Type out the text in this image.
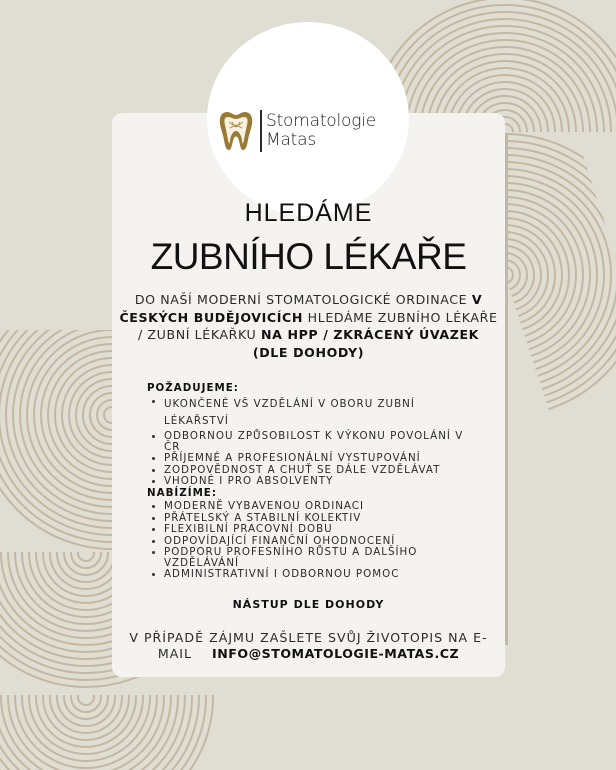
Stomatologie
Matas
HLEDÁME
ZUBNÍHO LÉKAŘE
DO NAŠÍ MODERNÍ STOMATOLOGICKÉ ORDINACE V ČESKÝCH BUDĚJOVICÍCH HLEDÁME ZUBNÍHO LÉKAŘE / ZUBNÍ LÉKAŘKU NA HPP / ZKRÁCENÝ ÚVAZEK (DLE DOHODY)
POŽADUJEME:
UKONČENÉ VŠ VZDĚLÁNÍ V OBORU ZUBNÍ LÉKAŘSTVÍ
ODBORNOU ZPŮSOBILOST K VÝKONU POVOLÁNÍ V ČR
PŘÍJEMNÉ A PROFESIONÁLNÍ VYSTUPOVÁNÍ
ZODPOVĚDNOST A CHUŤ SE DÁLE VZDĚLÁVAT
VHODNÉ I PRO ABSOLVENTY
NABÍZÍME:
MODERNĚ VYBAVENOU ORDINACI
PŘÁTELSKÝ A STABILNÍ KOLEKTIV
FLEXIBILNÍ PRACOVNÍ DOBU
ODPOVÍDAJÍCÍ FINANČNÍ OHODNOCENÍ
PODPORU PROFESNÍHO RŮSTU A DALŠÍHO VZDĚLÁVÁNÍ
ADMINISTRATIVNÍ I ODBORNOU POMOC
NÁSTUP DLE DOHODY
V PŘÍPADĚ ZÁJMU ZAŠLETE SVŮJ ŽIVOTOPIS NA E-MAIL INFO@STOMATOLOGIE-MATAS.CZ
